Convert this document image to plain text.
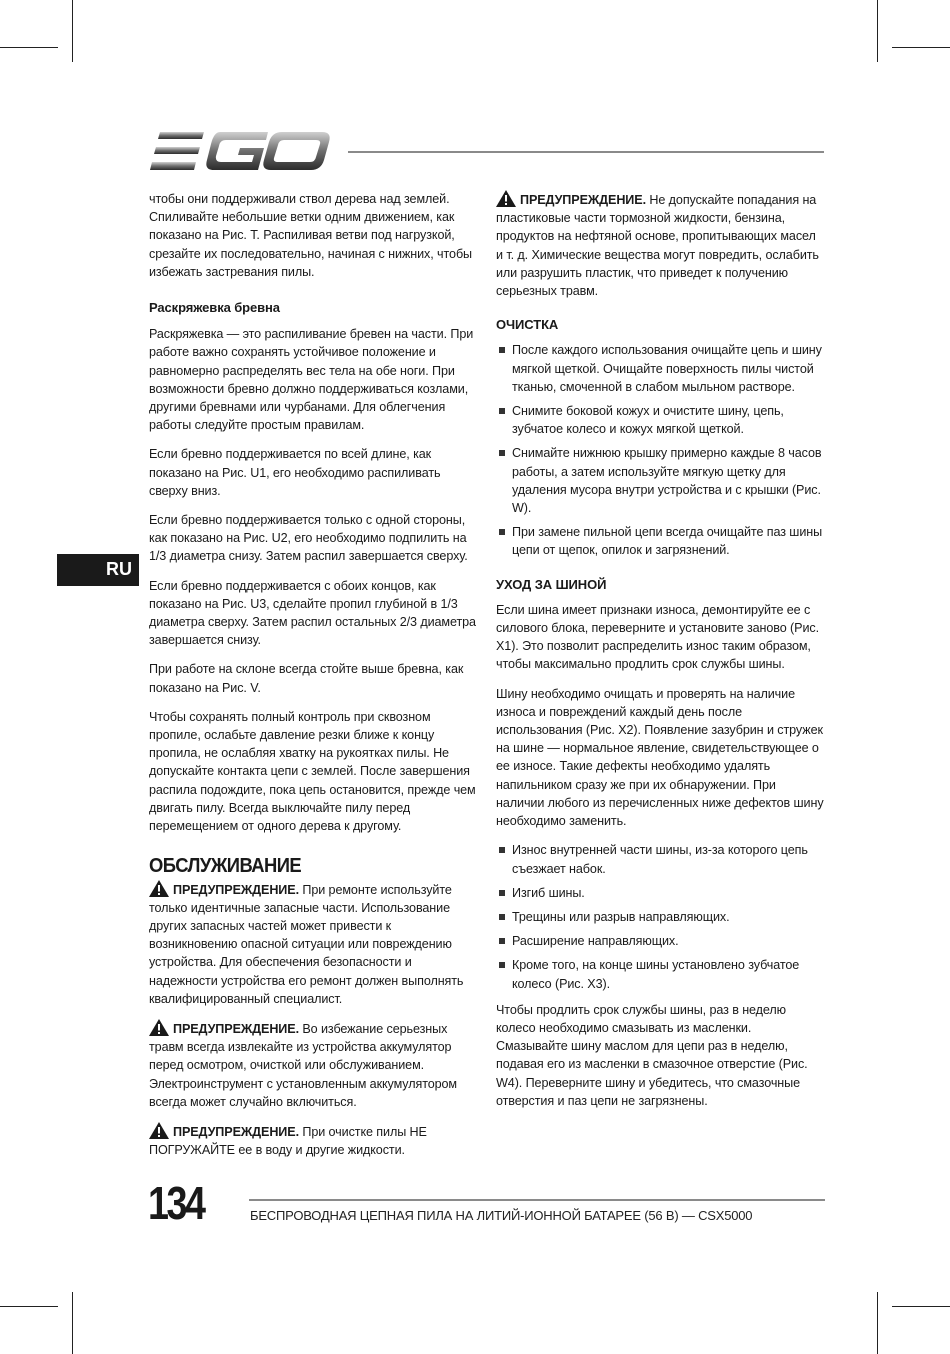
RU

чтобы они поддерживали ствол дерева над землей. Спиливайте небольшие ветки одним движением, как показано на Рис. T. Распиливая ветви под нагрузкой, срезайте их последовательно, начиная с нижних, чтобы избежать застревания пилы.

Раскряжевка бревна

Раскряжевка — это распиливание бревен на части. При работе важно сохранять устойчивое положение и равномерно распределять вес тела на обе ноги. При возможности бревно должно поддерживаться козлами, другими бревнами или чурбанами. Для облегчения работы следуйте простым правилам.

Если бревно поддерживается по всей длине, как показано на Рис. U1, его необходимо распиливать сверху вниз.

Если бревно поддерживается только с одной стороны, как показано на Рис. U2, его необходимо подпилить на 1/3 диаметра снизу. Затем распил завершается сверху.

Если бревно поддерживается с обоих концов, как показано на Рис. U3, сделайте пропил глубиной в 1/3 диаметра сверху. Затем распил остальных 2/3 диаметра завершается снизу.

При работе на склоне всегда стойте выше бревна, как показано на Рис. V.

Чтобы сохранять полный контроль при сквозном пропиле, ослабьте давление резки ближе к концу пропила, не ослабляя хватку на рукоятках пилы. Не допускайте контакта цепи с землей. После завершения распила подождите, пока цепь остановится, прежде чем двигать пилу. Всегда выключайте пилу перед перемещением от одного дерева к другому.

ОБСЛУЖИВАНИЕ

ПРЕДУПРЕЖДЕНИЕ. При ремонте используйте только идентичные запасные части. Использование других запасных частей может привести к возникновению опасной ситуации или повреждению устройства. Для обеспечения безопасности и надежности устройства его ремонт должен выполнять квалифицированный специалист.

ПРЕДУПРЕЖДЕНИЕ. Во избежание серьезных травм всегда извлекайте из устройства аккумулятор перед осмотром, очисткой или обслуживанием. Электроинструмент с установленным аккумулятором всегда может случайно включиться.

ПРЕДУПРЕЖДЕНИЕ. При очистке пилы НЕ ПОГРУЖАЙТЕ ее в воду и другие жидкости.

ПРЕДУПРЕЖДЕНИЕ. Не допускайте попадания на пластиковые части тормозной жидкости, бензина, продуктов на нефтяной основе, пропитывающих масел и т. д. Химические вещества могут повредить, ослабить или разрушить пластик, что приведет к получению серьезных травм.

ОЧИСТКА
После каждого использования очищайте цепь и шину мягкой щеткой. Очищайте поверхность пилы чистой тканью, смоченной в слабом мыльном растворе.
Снимите боковой кожух и очистите шину, цепь, зубчатое колесо и кожух мягкой щеткой.
Снимайте нижнюю крышку примерно каждые 8 часов работы, а затем используйте мягкую щетку для удаления мусора внутри устройства и с крышки (Рис. W).
При замене пильной цепи всегда очищайте паз шины цепи от щепок, опилок и загрязнений.
УХОД ЗА ШИНОЙ

Если шина имеет признаки износа, демонтируйте ее с силового блока, переверните и установите заново (Рис. X1). Это позволит распределить износ таким образом, чтобы максимально продлить срок службы шины.

Шину необходимо очищать и проверять на наличие износа и повреждений каждый день после использования (Рис. X2). Появление зазубрин и стружек на шине — нормальное явление, свидетельствующее о ее износе. Такие дефекты необходимо удалять напильником сразу же при их обнаружении. При наличии любого из перечисленных ниже дефектов шину необходимо заменить.

Износ внутренней части шины, из-за которого цепь съезжает набок.
Изгиб шины.
Трещины или разрыв направляющих.
Расширение направляющих.
Кроме того, на конце шины установлено зубчатое колесо (Рис. X3).

Чтобы продлить срок службы шины, раз в неделю колесо необходимо смазывать из масленки. Смазывайте шину маслом для цепи раз в неделю, подавая его из масленки в смазочное отверстие (Рис. W4). Переверните шину и убедитесь, что смазочные отверстия и паз цепи не загрязнены.

134	БЕСПРОВОДНАЯ ЦЕПНАЯ ПИЛА НА ЛИТИЙ-ИОННОЙ БАТАРЕЕ (56 В) — CSX5000
